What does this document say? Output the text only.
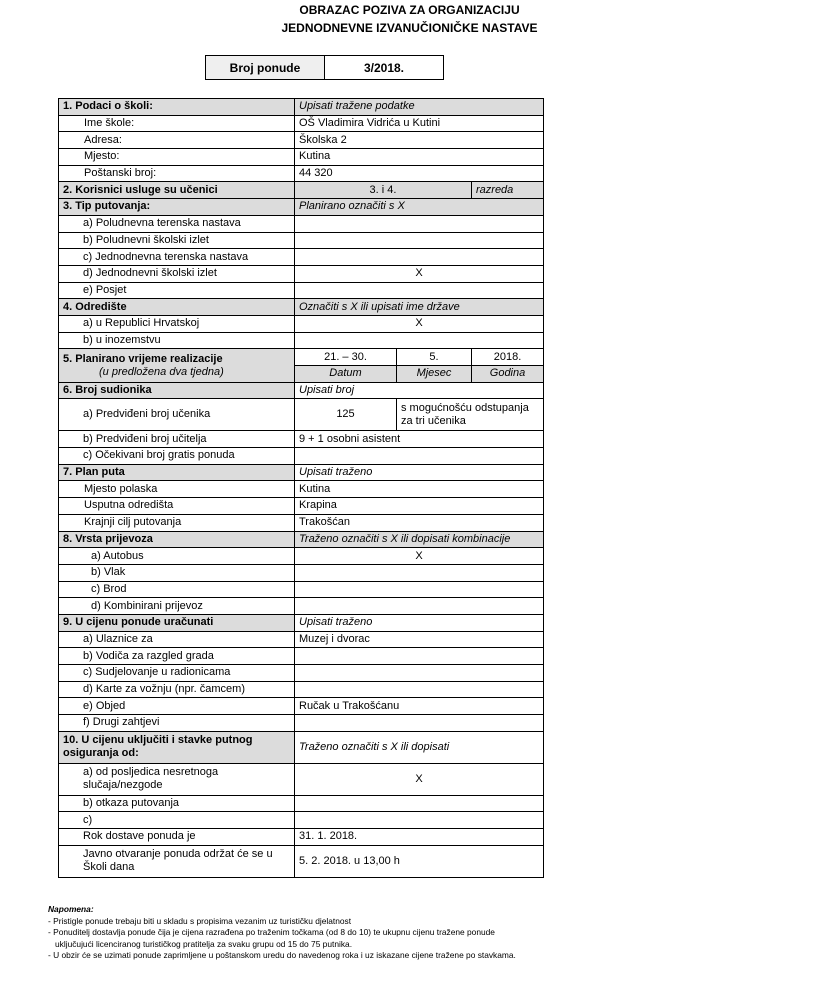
OBRAZAC POZIVA ZA ORGANIZACIJU
JEDNODNEVNE IZVANUČIONIČKE NASTAVE
Broj ponude	3/2018.
1. Podaci o školi:	Upisati tražene podatke		
Ime škole:	OŠ Vladimira Vidrića u Kutini		
Adresa:	Školska 2		
Mjesto:	Kutina		
Poštanski broj:	44 320		
2. Korisnici usluge su učenici	3. i 4.		razreda
3. Tip putovanja:	Planirano označiti s X		
a) Poludnevna terenska nastava			
b) Poludnevni školski izlet			
c) Jednodnevna terenska nastava			
d) Jednodnevni školski izlet	X		
e) Posjet			
4. Odredište	Označiti s X ili upisati ime države		
a) u Republici Hrvatskoj	X		
b) u inozemstvu			
5. Planirano vrijeme realizacije
(u predložena dva tjedna)	21. – 30.	5.	2018.
	Datum	Mjesec	Godina
6. Broj sudionika	Upisati broj		
a) Predviđeni broj učenika	125	s mogućnošću odstupanja za tri učenika	
b) Predviđeni broj učitelja	9 + 1 osobni asistent		
c) Očekivani broj gratis ponuda			
7. Plan puta	Upisati traženo		
Mjesto polaska	Kutina		
Usputna odredišta	Krapina		
Krajnji cilj putovanja	Trakošćan		
8. Vrsta prijevoza	Traženo označiti s X ili dopisati kombinacije		
a) Autobus	X		
b) Vlak			
c) Brod			
d) Kombinirani prijevoz			
9. U cijenu ponude uračunati	Upisati traženo		
a) Ulaznice za	Muzej i dvorac		
b) Vodiča za razgled grada			
c) Sudjelovanje u radionicama			
d) Karte za vožnju (npr. čamcem)			
e) Objed	Ručak u Trakošćanu		
f) Drugi zahtjevi			
10. U cijenu uključiti i stavke putnog osiguranja od:	Traženo označiti s X ili dopisati		
a) od posljedica nesretnoga slučaja/nezgode	X		
b) otkaza putovanja			
c)			
Rok dostave ponuda je	31. 1. 2018.		
Javno otvaranje ponuda održat će se u Školi dana	5. 2. 2018. u 13,00 h		
Napomena:
- Pristigle ponude trebaju biti u skladu s propisima vezanim uz turističku djelatnost
- Ponuditelj dostavlja ponude čija je cijena razrađena po traženim točkama (od 8 do 10) te ukupnu cijenu tražene ponude
uključujući licenciranog turističkog pratitelja za svaku grupu od 15 do 75 putnika.
- U obzir će se uzimati ponude zaprimljene u poštanskom uredu do navedenog roka i uz iskazane cijene tražene po stavkama.
